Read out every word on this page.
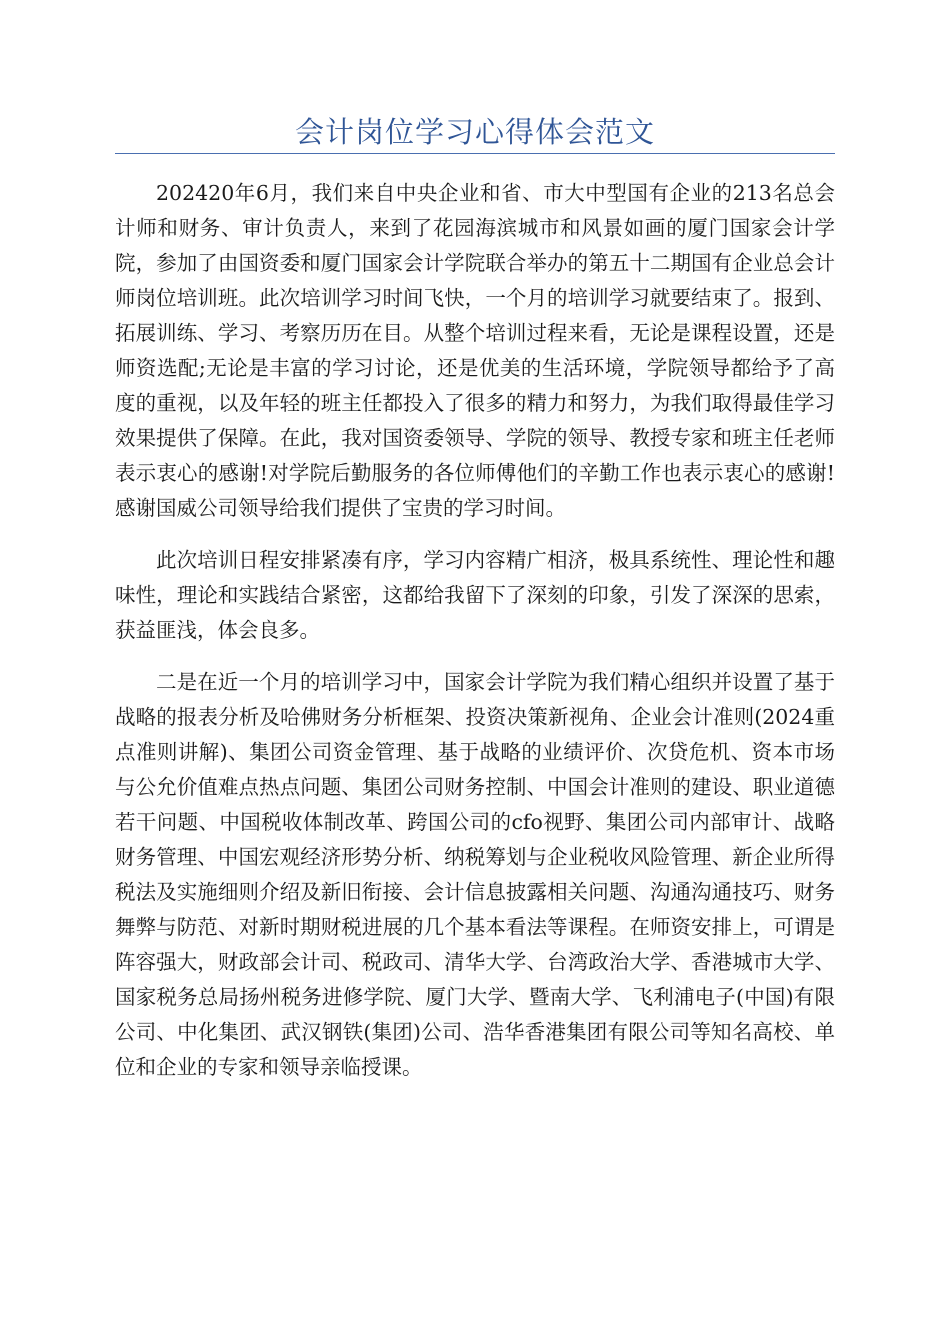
会计岗位学习心得体会范文

202420年6月，我们来自中央企业和省、市大中型国有企业的213名总会计师和财务、审计负责人，来到了花园海滨城市和风景如画的厦门国家会计学院，参加了由国资委和厦门国家会计学院联合举办的第五十二期国有企业总会计师岗位培训班。此次培训学习时间飞快，一个月的培训学习就要结束了。报到、拓展训练、学习、考察历历在目。从整个培训过程来看，无论是课程设置，还是师资选配;无论是丰富的学习讨论，还是优美的生活环境，学院领导都给予了高度的重视，以及年轻的班主任都投入了很多的精力和努力，为我们取得最佳学习效果提供了保障。在此，我对国资委领导、学院的领导、教授专家和班主任老师表示衷心的感谢!对学院后勤服务的各位师傅他们的辛勤工作也表示衷心的感谢!感谢国威公司领导给我们提供了宝贵的学习时间。

此次培训日程安排紧凑有序，学习内容精广相济，极具系统性、理论性和趣味性，理论和实践结合紧密，这都给我留下了深刻的印象，引发了深深的思索，获益匪浅，体会良多。

二是在近一个月的培训学习中，国家会计学院为我们精心组织并设置了基于战略的报表分析及哈佛财务分析框架、投资决策新视角、企业会计准则(2024重点准则讲解)、集团公司资金管理、基于战略的业绩评价、次贷危机、资本市场与公允价值难点热点问题、集团公司财务控制、中国会计准则的建设、职业道德若干问题、中国税收体制改革、跨国公司的cfo视野、集团公司内部审计、战略财务管理、中国宏观经济形势分析、纳税筹划与企业税收风险管理、新企业所得税法及实施细则介绍及新旧衔接、会计信息披露相关问题、沟通沟通技巧、财务舞弊与防范、对新时期财税进展的几个基本看法等课程。在师资安排上，可谓是阵容强大，财政部会计司、税政司、清华大学、台湾政治大学、香港城市大学、国家税务总局扬州税务进修学院、厦门大学、暨南大学、飞利浦电子(中国)有限公司、中化集团、武汉钢铁(集团)公司、浩华香港集团有限公司等知名高校、单位和企业的专家和领导亲临授课。
